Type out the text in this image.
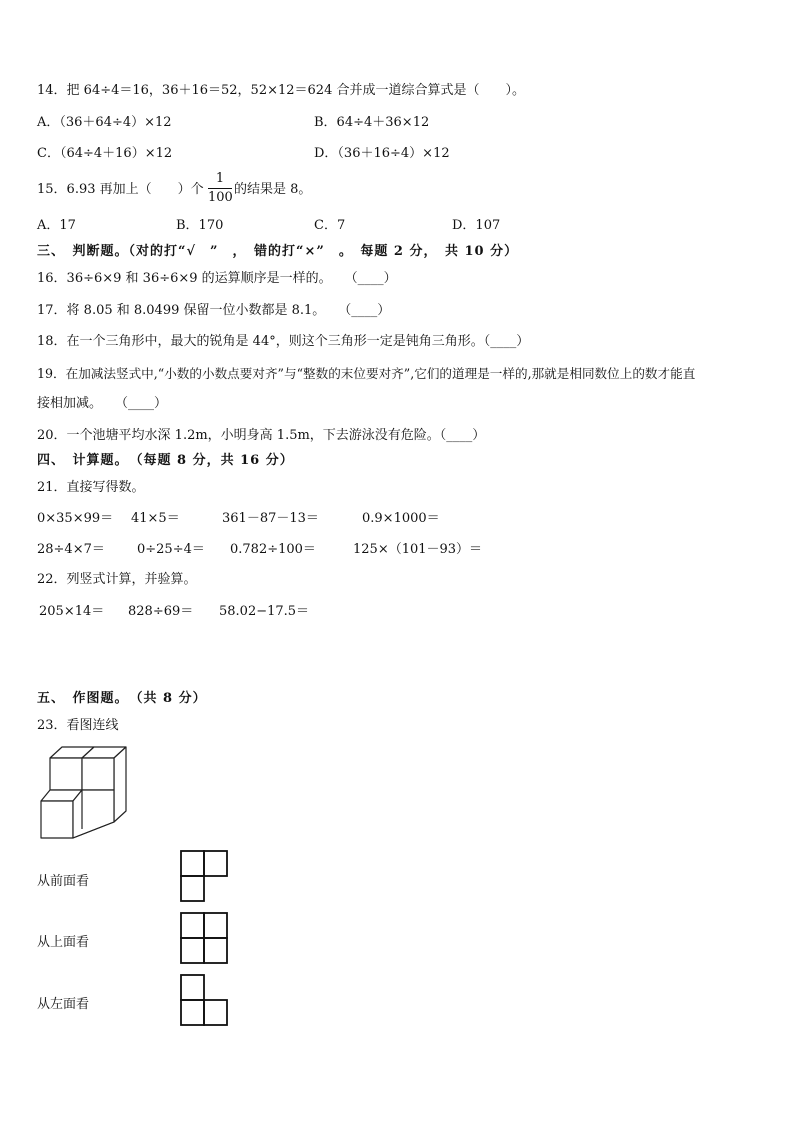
14．把 64÷4＝16，36＋16＝52，52×12＝624 合并成一道综合算式是（　　）。
A．（36＋64÷4）×12	B．64÷4＋36×12
C．（64÷4＋16）×12	D．（36＋16÷4）×12
15．6.93 再加上（　　）个
1
100
的结果是 8。
A．17	B．170	C．7	D．107
三、　判断题。（对的打“√　”　，　错的打“×”　。　每题 2 分，　共 10 分）
16．36÷6×9 和 36÷6×9 的运算顺序是一样的。　　（____）
17．将 8.05 和 8.0499 保留一位小数都是 8.1。　　（____）
18．在一个三角形中，最大的锐角是 44°，则这个三角形一定是钝角三角形。（____）
19．在加减法竖式中,“小数的小数点要对齐”与“整数的末位要对齐”,它们的道理是一样的,那就是相同数位上的数才能直
接相加减。　　（____）
20．一个池塘平均水深 1.2m，小明身高 1.5m，下去游泳没有危险。（____）
四、　计算题。　（每题 8 分，共 16 分）
21．直接写得数。
0×35×99＝ 41×5＝	361－87－13＝	0.9×1000＝
28÷4×7＝ 0÷25÷4＝ 0.782÷100＝	125×（101－93）＝
22．列竖式计算，并验算。
205×14＝ 828÷69＝ 58.02−17.5＝
五、　作图题。　（共 8 分）
23．看图连线
从前面看
从上面看
从左面看
